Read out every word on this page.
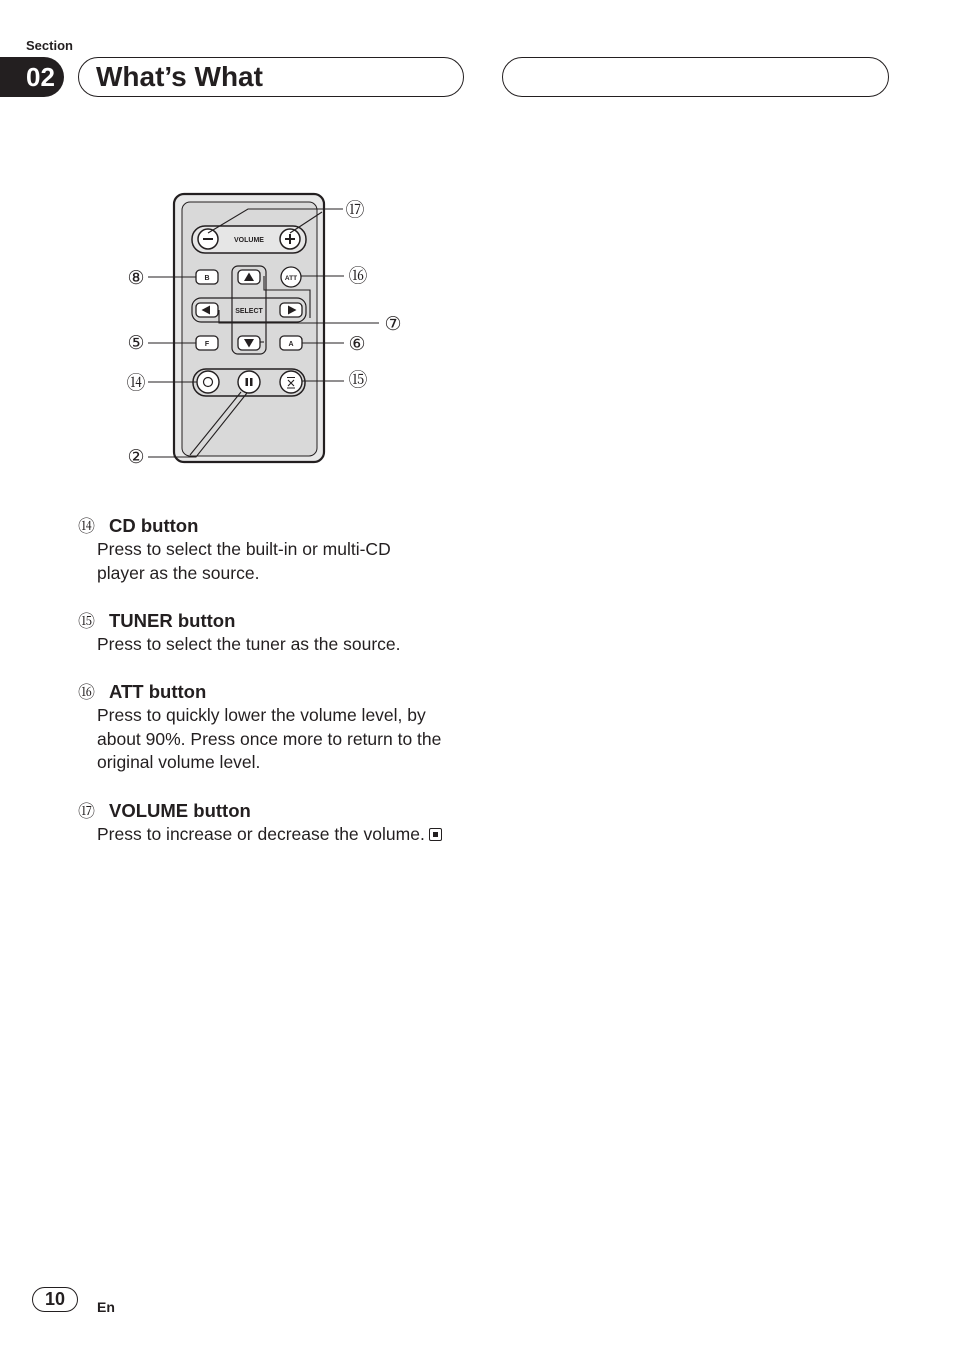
Section
02	What’s What
VOLUME
SELECT
B
F	A
ATT
⑰
⑯
⑧
⑦
⑤	⑥
⑭	⑮
②
⑭ CD button
Press to select the built-in or multi-CD
player as the source.
⑮ TUNER button
Press to select the tuner as the source.
⑯ ATT button
Press to quickly lower the volume level, by
about 90%. Press once more to return to the
original volume level.
⑰ VOLUME button
Press to increase or decrease the volume.
10	En
